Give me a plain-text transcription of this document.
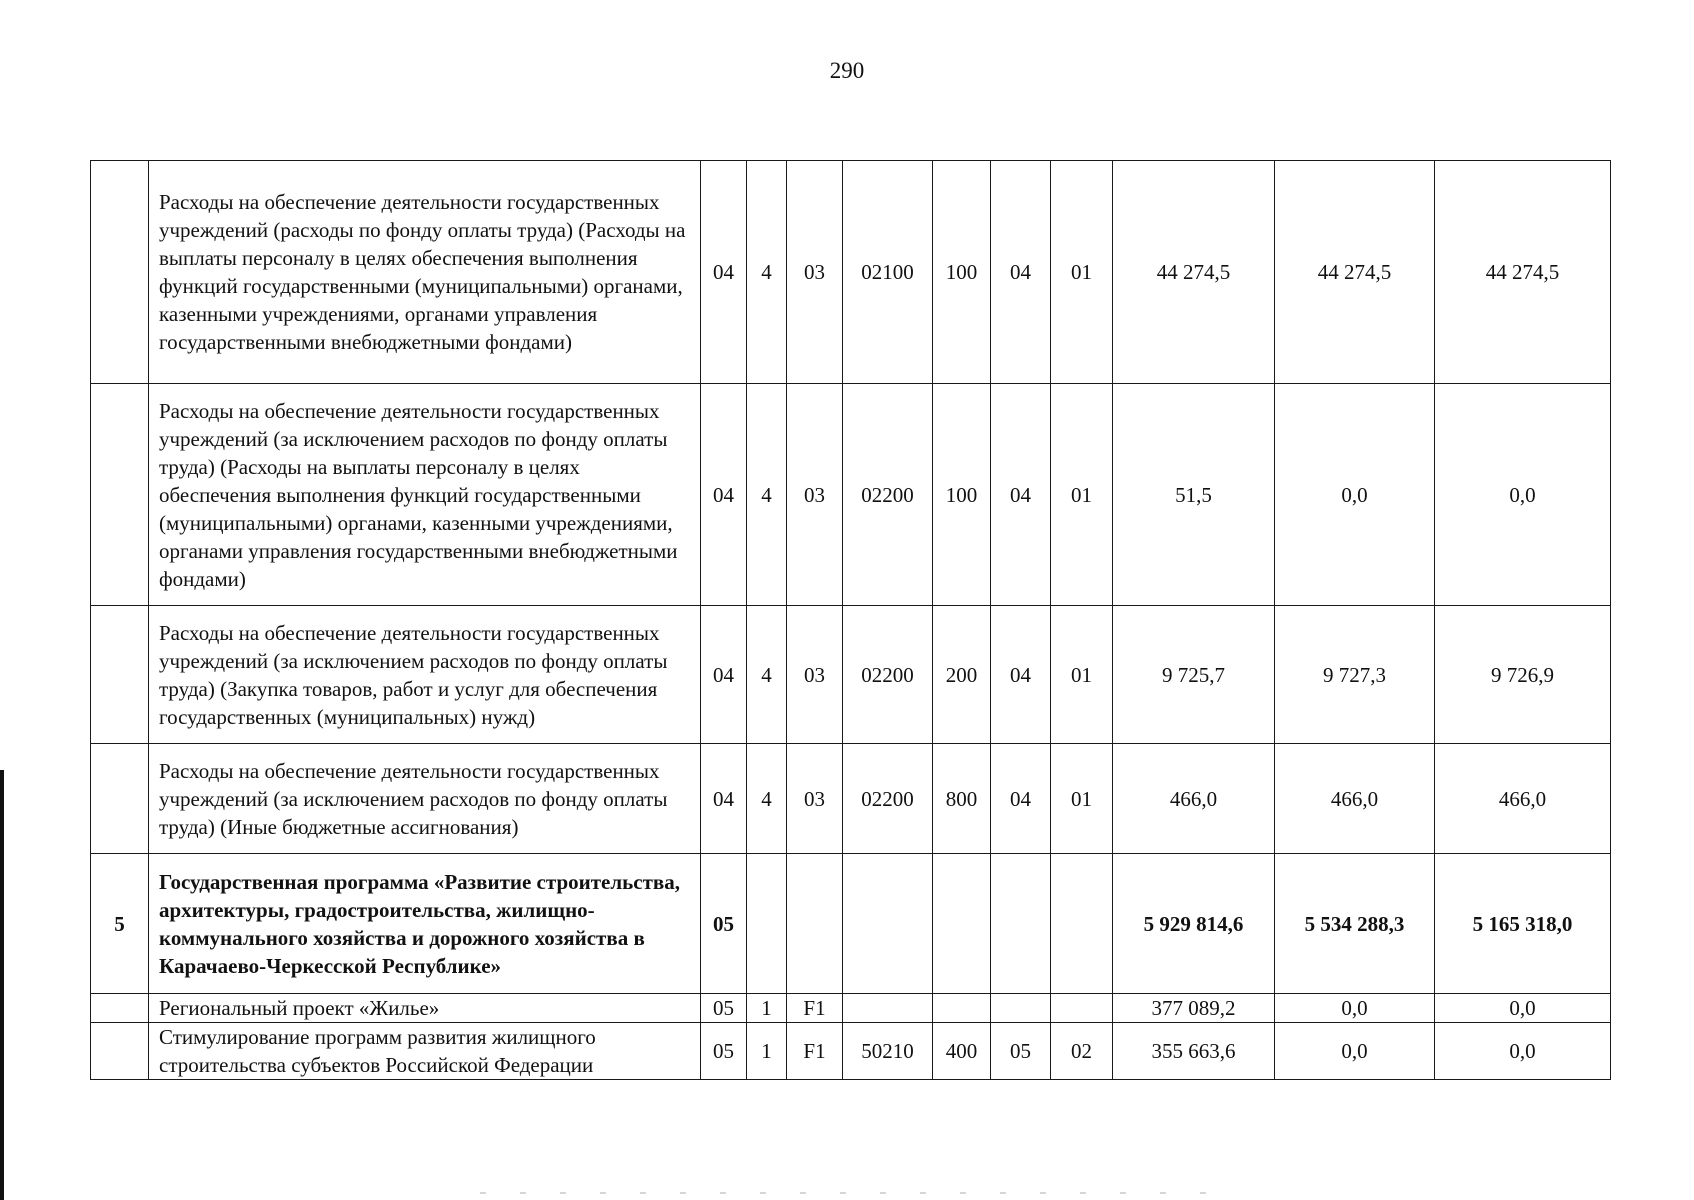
290
	Расходы на обеспечение деятельности государственных учреждений (расходы по фонду оплаты труда) (Расходы на выплаты персоналу в целях обеспечения выполнения функций государственными (муниципальными) органами, казенными учреждениями, органами управления государственными внебюджетными фондами)	04	4	03	02100	100	04	01	44 274,5	44 274,5	44 274,5
	Расходы на обеспечение деятельности государственных учреждений (за исключением расходов по фонду оплаты труда) (Расходы на выплаты персоналу в целях обеспечения выполнения функций государственными (муниципальными) органами, казенными учреждениями, органами управления государственными внебюджетными фондами)	04	4	03	02200	100	04	01	51,5	0,0	0,0
	Расходы на обеспечение деятельности государственных учреждений (за исключением расходов по фонду оплаты труда) (Закупка товаров, работ и услуг для обеспечения государственных (муниципальных) нужд)	04	4	03	02200	200	04	01	9 725,7	9 727,3	9 726,9
	Расходы на обеспечение деятельности государственных учреждений (за исключением расходов по фонду оплаты труда) (Иные бюджетные ассигнования)	04	4	03	02200	800	04	01	466,0	466,0	466,0
5	Государственная программа «Развитие строительства, архитектуры, градостроительства, жилищно-коммунального хозяйства и дорожного хозяйства в Карачаево-Черкесской Республике»	05							5 929 814,6	5 534 288,3	5 165 318,0
	Региональный проект «Жилье»	05	1	F1					377 089,2	0,0	0,0
	Стимулирование программ развития жилищного строительства субъектов Российской Федерации	05	1	F1	50210	400	05	02	355 663,6	0,0	0,0
